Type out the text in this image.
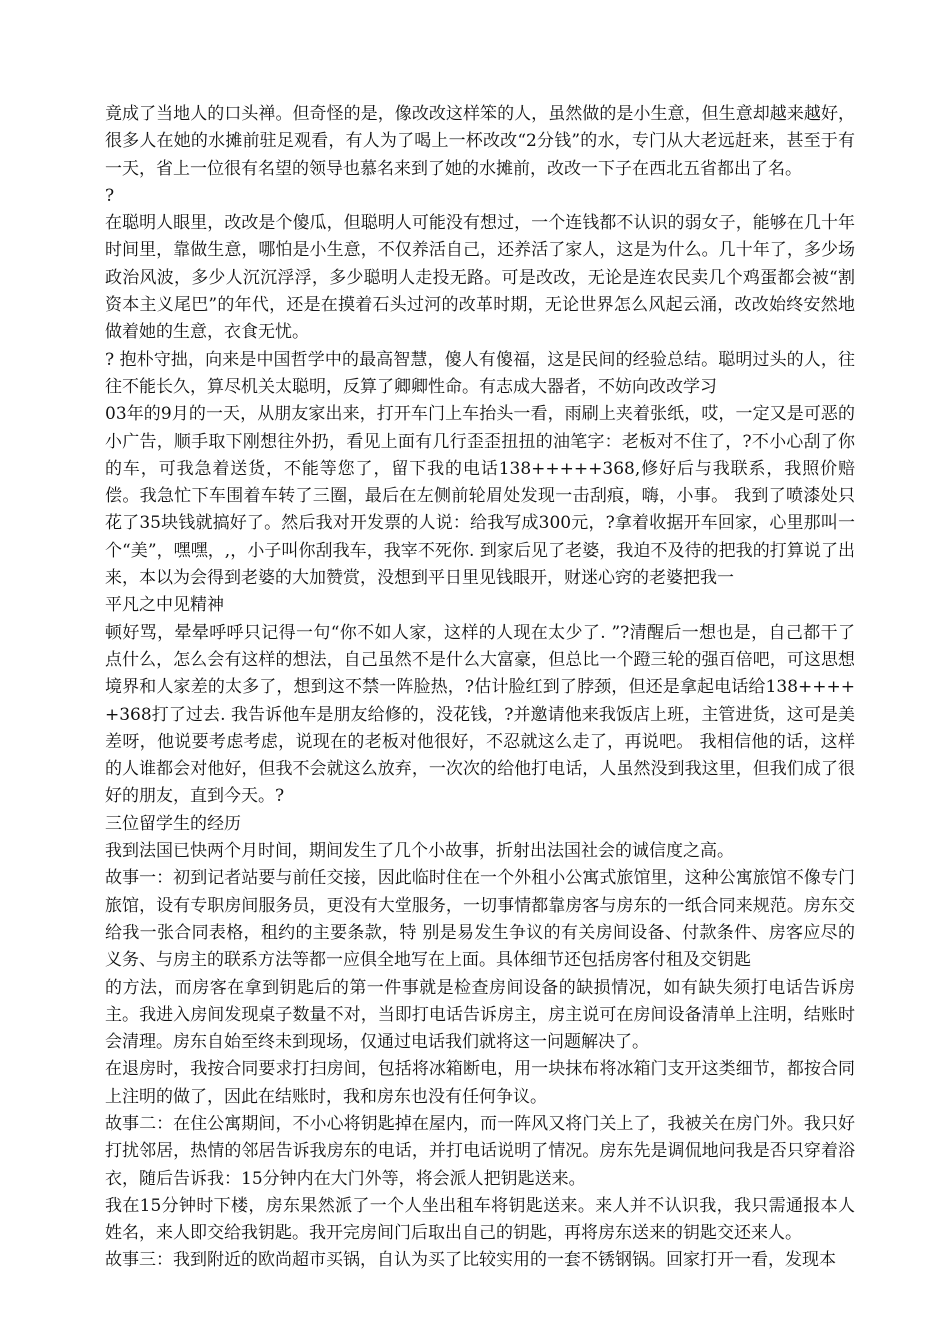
竟成了当地人的口头禅。但奇怪的是，像改改这样笨的人，虽然做的是小生意，但生意却越来越好，很多人在她的水摊前驻足观看，有人为了喝上一杯改改“2分钱”的水，专门从大老远赶来，甚至于有一天，省上一位很有名望的领导也慕名来到了她的水摊前，改改一下子在西北五省都出了名。

?

在聪明人眼里，改改是个傻瓜，但聪明人可能没有想过，一个连钱都不认识的弱女子，能够在几十年时间里，靠做生意，哪怕是小生意，不仅养活自己，还养活了家人，这是为什么。几十年了，多少场政治风波，多少人沉沉浮浮，多少聪明人走投无路。可是改改，无论是连农民卖几个鸡蛋都会被“割资本主义尾巴”的年代，还是在摸着石头过河的改革时期，无论世界怎么风起云涌，改改始终安然地做着她的生意，衣食无忧。

? 抱朴守拙，向来是中国哲学中的最高智慧，傻人有傻福，这是民间的经验总结。聪明过头的人，往往不能长久，算尽机关太聪明，反算了卿卿性命。有志成大器者，不妨向改改学习

03年的9月的一天，从朋友家出来，打开车门上车抬头一看，雨刷上夹着张纸，哎，一定又是可恶的小广告，顺手取下刚想往外扔，看见上面有几行歪歪扭扭的油笔字：老板对不住了，?不小心刮了你的车，可我急着送货，不能等您了，留下我的电话138+++++368,修好后与我联系，我照价赔偿。我急忙下车围着车转了三圈，最后在左侧前轮眉处发现一击刮痕，嗨，小事。 我到了喷漆处只花了35块钱就搞好了。然后我对开发票的人说：给我写成300元，?拿着收据开车回家，心里那叫一个“美”，嘿嘿，,，小子叫你刮我车，我宰不死你. 到家后见了老婆，我迫不及待的把我的打算说了出来，本以为会得到老婆的大加赞赏，没想到平日里见钱眼开，财迷心窍的老婆把我一

平凡之中见精神

顿好骂，晕晕呼呼只记得一句“你不如人家，这样的人现在太少了. ”?清醒后一想也是，自己都干了点什么，怎么会有这样的想法，自己虽然不是什么大富豪，但总比一个蹬三轮的强百倍吧，可这思想境界和人家差的太多了，想到这不禁一阵脸热，?估计脸红到了脖颈，但还是拿起电话给138+++++368打了过去. 我告诉他车是朋友给修的，没花钱，?并邀请他来我饭店上班，主管进货，这可是美差呀，他说要考虑考虑，说现在的老板对他很好，不忍就这么走了，再说吧。 我相信他的话，这样的人谁都会对他好，但我不会就这么放弃，一次次的给他打电话，人虽然没到我这里，但我们成了很好的朋友，直到今天。?

三位留学生的经历

我到法国已快两个月时间，期间发生了几个小故事，折射出法国社会的诚信度之高。

故事一：初到记者站要与前任交接，因此临时住在一个外租小公寓式旅馆里，这种公寓旅馆不像专门旅馆，设有专职房间服务员，更没有大堂服务，一切事情都靠房客与房东的一纸合同来规范。房东交给我一张合同表格，租约的主要条款，特 别是易发生争议的有关房间设备、付款条件、房客应尽的义务、与房主的联系方法等都一应俱全地写在上面。具体细节还包括房客付租及交钥匙

的方法，而房客在拿到钥匙后的第一件事就是检查房间设备的缺损情况，如有缺失须打电话告诉房主。我进入房间发现桌子数量不对，当即打电话告诉房主，房主说可在房间设备清单上注明，结账时会清理。房东自始至终未到现场，仅通过电话我们就将这一问题解决了。

在退房时，我按合同要求打扫房间，包括将冰箱断电，用一块抹布将冰箱门支开这类细节，都按合同上注明的做了，因此在结账时，我和房东也没有任何争议。

故事二：在住公寓期间，不小心将钥匙掉在屋内，而一阵风又将门关上了，我被关在房门外。我只好打扰邻居，热情的邻居告诉我房东的电话，并打电话说明了情况。房东先是调侃地问我是否只穿着浴衣，随后告诉我：15分钟内在大门外等，将会派人把钥匙送来。

我在15分钟时下楼，房东果然派了一个人坐出租车将钥匙送来。来人并不认识我，我只需通报本人姓名，来人即交给我钥匙。我开完房间门后取出自己的钥匙，再将房东送来的钥匙交还来人。

故事三：我到附近的欧尚超市买锅，自认为买了比较实用的一套不锈钢锅。回家打开一看，发现本
